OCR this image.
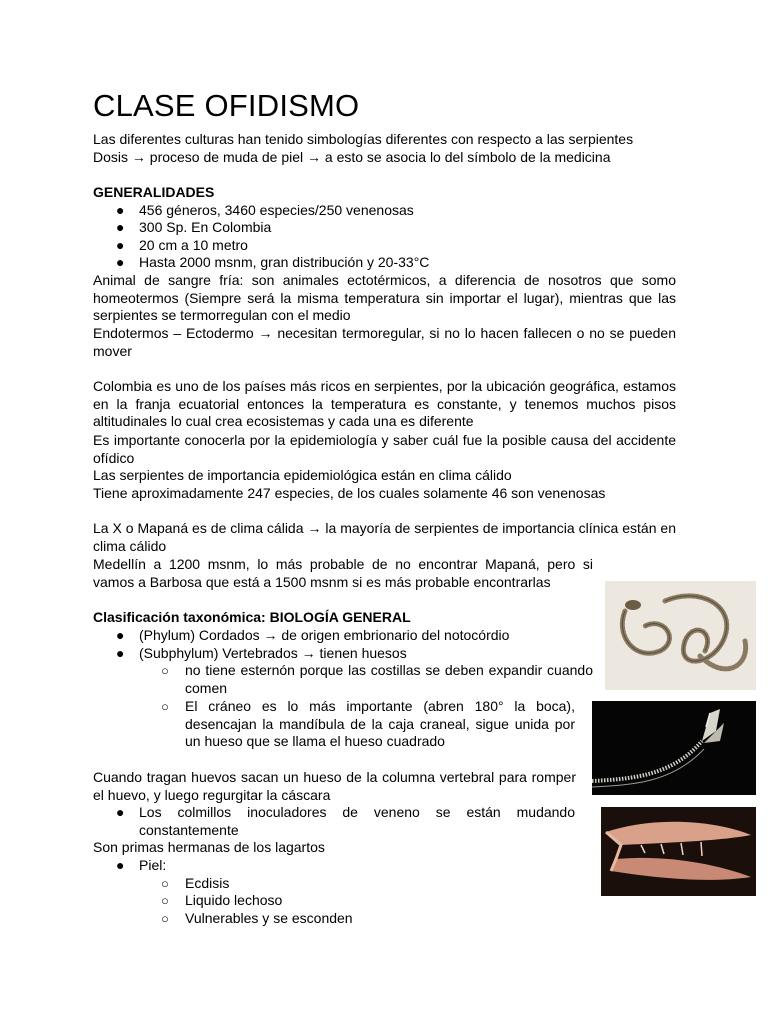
CLASE OFIDISMO
Las diferentes culturas han tenido simbologías diferentes con respecto a las serpientes
Dosis → proceso de muda de piel → a esto se asocia lo del símbolo de la medicina
GENERALIDADES
● 456 géneros, 3460 especies/250 venenosas
● 300 Sp. En Colombia
● 20 cm a 10 metro
● Hasta 2000 msnm, gran distribución y 20-33°C
Animal de sangre fría: son animales ectotérmicos, a diferencia de nosotros que somo homeotermos (Siempre será la misma temperatura sin importar el lugar), mientras que las serpientes se termorregulan con el medio
Endotermos – Ectodermo → necesitan termoregular, si no lo hacen fallecen o no se pueden mover
Colombia es uno de los países más ricos en serpientes, por la ubicación geográfica, estamos en la franja ecuatorial entonces la temperatura es constante, y tenemos muchos pisos altitudinales lo cual crea ecosistemas y cada una es diferente
Es importante conocerla por la epidemiología y saber cuál fue la posible causa del accidente ofídico
Las serpientes de importancia epidemiológica están en clima cálido
Tiene aproximadamente 247 especies, de los cuales solamente 46 son venenosas
La X o Mapaná es de clima cálida → la mayoría de serpientes de importancia clínica están en clima cálido
Medellín a 1200 msnm, lo más probable de no encontrar Mapaná, pero si vamos a Barbosa que está a 1500 msnm si es más probable encontrarlas
Clasificación taxonómica: BIOLOGÍA GENERAL
● (Phylum) Cordados → de origen embrionario del notocórdio
● (Subphylum) Vertebrados → tienen huesos
○ no tiene esternón porque las costillas se deben expandir cuando comen
○ El cráneo es lo más importante (abren 180° la boca), desencajan la mandíbula de la caja craneal, sigue unida por un hueso que se llama el hueso cuadrado
Cuando tragan huevos sacan un hueso de la columna vertebral para romper el huevo, y luego regurgitar la cáscara
● Los colmillos inoculadores de veneno se están mudando constantemente
Son primas hermanas de los lagartos
● Piel:
○ Ecdisis
○ Liquido lechoso
○ Vulnerables y se esconden
